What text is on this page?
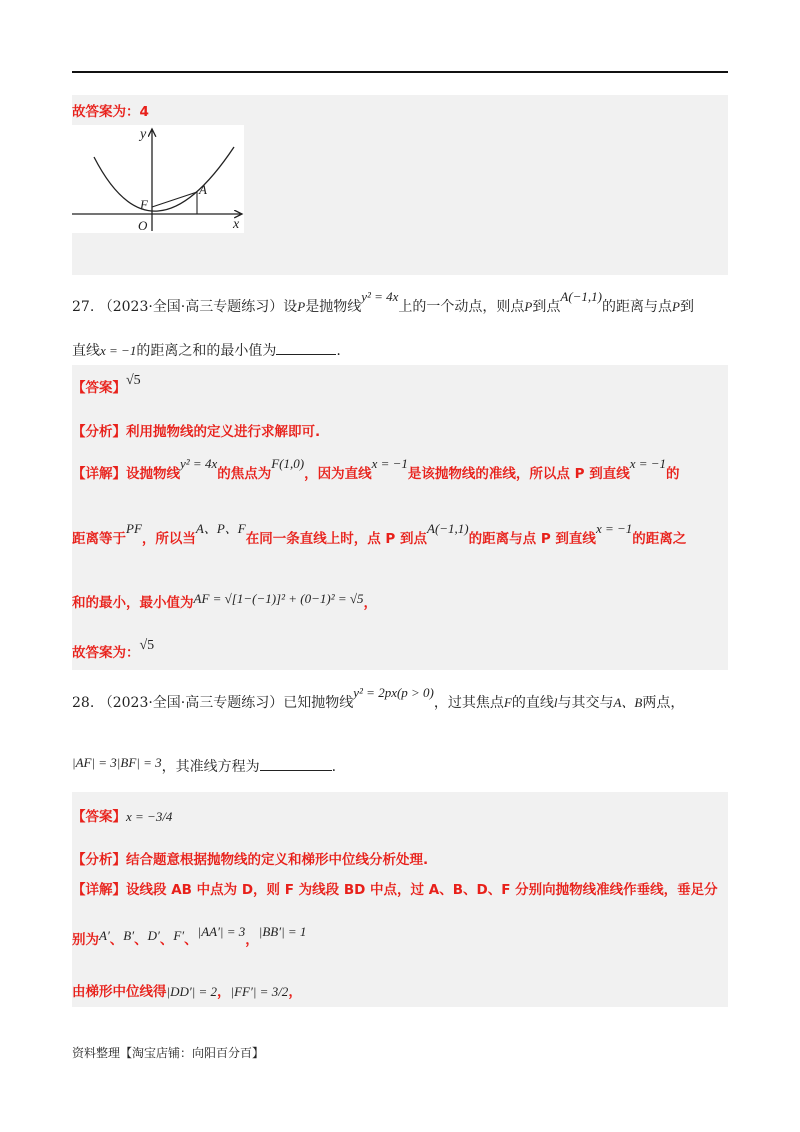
故答案为：4
y
x
O
F
A
27. （2023·全国·高三专题练习）设P是抛物线y² = 4x上的一个动点，则点P到点A(−1,1)的距离与点P到
直线x = −1的距离之和的最小值为	.
【答案】√5
【分析】利用抛物线的定义进行求解即可.
【详解】设抛物线y² = 4x的焦点为F(1,0)，因为直线x = −1是该抛物线的准线，所以点 P 到直线x = −1的
距离等于PF，所以当A、P、F在同一条直线上时，点 P 到点A(−1,1)的距离与点 P 到直线x = −1的距离之
和的最小，最小值为AF = √[1−(−1)]² + (0−1)² = √5，
故答案为：√5
28. （2023·全国·高三专题练习）已知抛物线y² = 2px(p > 0)，过其焦点F的直线l与其交与A、B两点，
|AF| = 3|BF| = 3，其准线方程为	.
【答案】x = −3/4
【分析】结合题意根据抛物线的定义和梯形中位线分析处理.
【详解】设线段 AB 中点为 D，则 F 为线段 BD 中点，过 A、B、D、F 分别向抛物线准线作垂线，垂足分
别为A′、B′、D′、F′、|AA′| = 3，|BB′| = 1
由梯形中位线得|DD′| = 2，|FF′| = 3/2，
资料整理【淘宝店铺：向阳百分百】
